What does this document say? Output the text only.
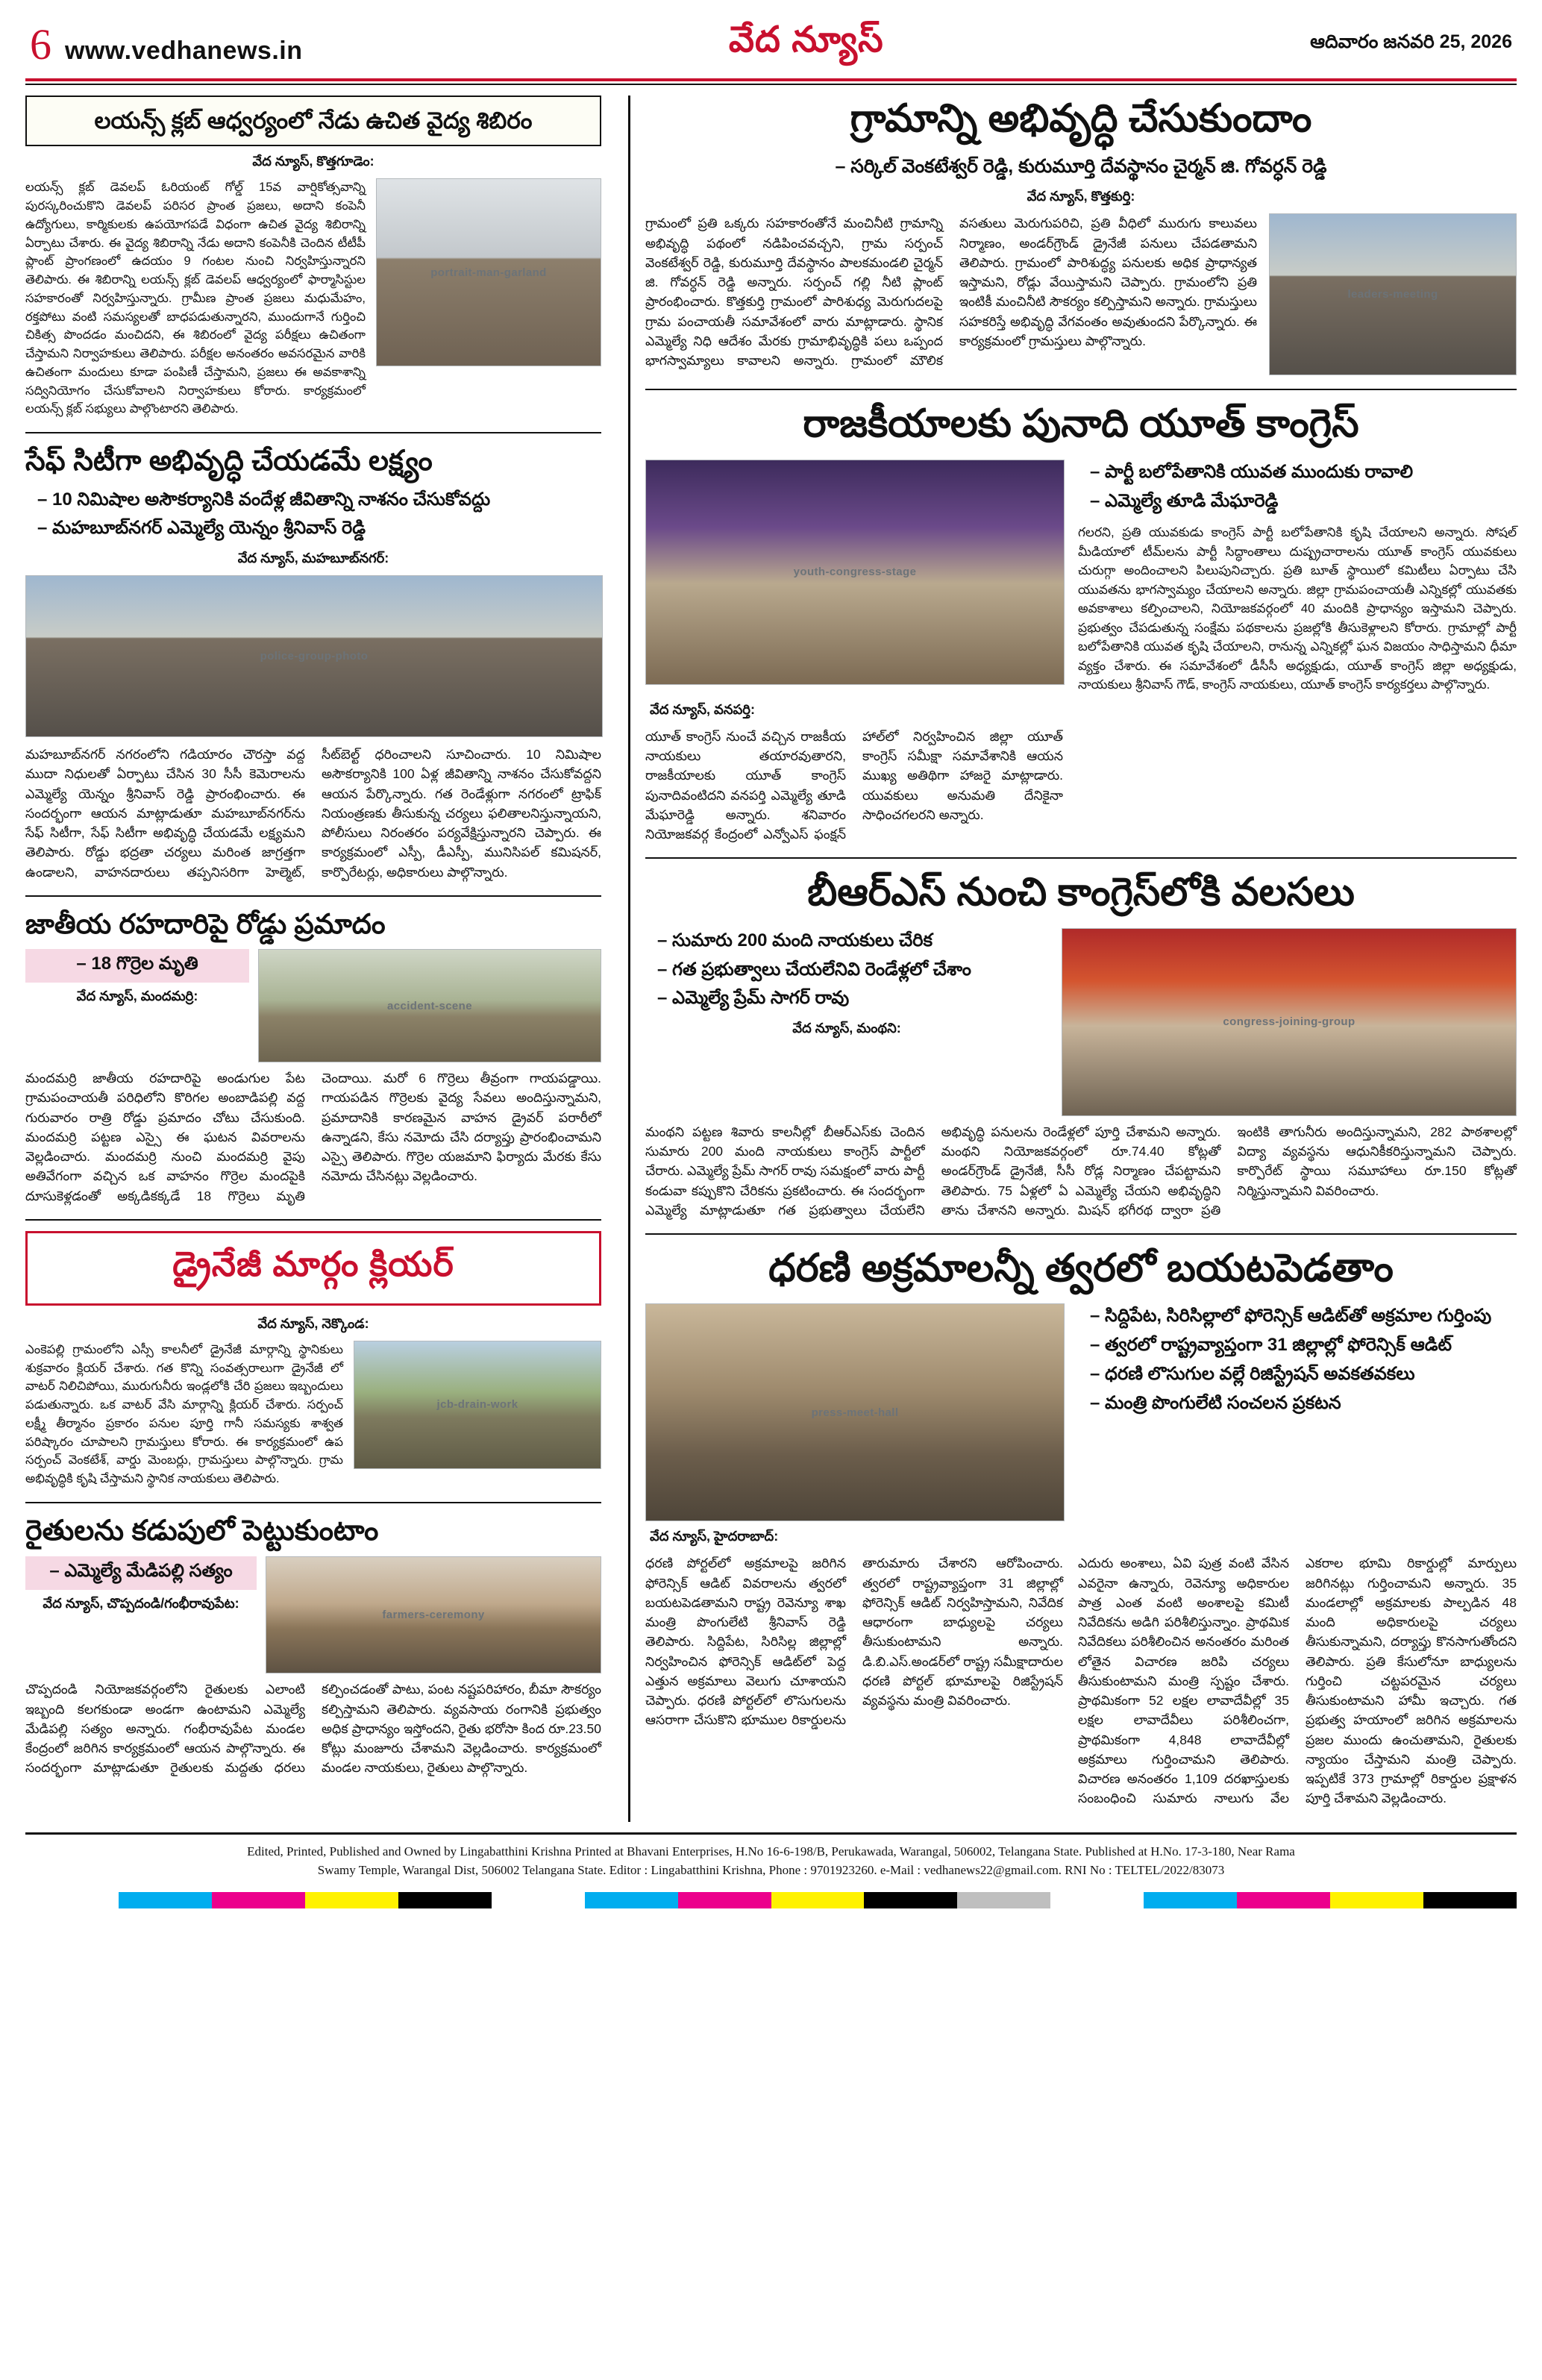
6 www.vedhanews.in	వేద న్యూస్	ఆదివారం జనవరి 25, 2026
లయన్స్ క్లబ్ ఆధ్వర్యంలో నేడు ఉచిత వైద్య శిబిరం
వేద న్యూస్, కొత్తగూడెం:
లయన్స్ క్లబ్ డెవలప్ ఓరియంట్ గోల్డ్ 15వ వార్షికోత్సవాన్ని పురస్కరించుకొని డెవలప్ పరిసర ప్రాంత ప్రజలు, అదాని కంపెనీ ఉద్యోగులు, కార్మికులకు ఉపయోగపడే విధంగా ఉచిత వైద్య శిబిరాన్ని ఏర్పాటు చేశారు. ఈ వైద్య శిబిరాన్ని నేడు అదాని కంపెనీకి చెందిన టీటీపీ ప్లాంట్ ప్రాంగణంలో ఉదయం 9 గంటల నుంచి నిర్వహిస్తున్నారని తెలిపారు. ఈ శిబిరాన్ని లయన్స్ క్లబ్ డెవలప్ ఆధ్వర్యంలో ఫార్మాసిస్టుల సహకారంతో నిర్వహిస్తున్నారు. గ్రామీణ ప్రాంత ప్రజలు మధుమేహం, రక్తపోటు వంటి సమస్యలతో బాధపడుతున్నారని, ముందుగానే గుర్తించి చికిత్స పొందడం మంచిదని, ఈ శిబిరంలో వైద్య పరీక్షలు ఉచితంగా చేస్తామని నిర్వాహకులు తెలిపారు. పరీక్షల అనంతరం అవసరమైన వారికి ఉచితంగా మందులు కూడా పంపిణీ చేస్తామని, ప్రజలు ఈ అవకాశాన్ని సద్వినియోగం చేసుకోవాలని నిర్వాహకులు కోరారు. కార్యక్రమంలో లయన్స్ క్లబ్ సభ్యులు పాల్గొంటారని తెలిపారు.
portrait-man-garland
సేఫ్ సిటీగా అభివృద్ధి చేయడమే లక్ష్యం
– 10 నిమిషాల అసౌకర్యానికి వందేళ్ల జీవితాన్ని నాశనం చేసుకోవద్దు
– మహబూబ్‌నగర్ ఎమ్మెల్యే యెన్నం శ్రీనివాస్ రెడ్డి
వేద న్యూస్, మహబూబ్‌నగర్:
police-group-photo
మహబూబ్‌నగర్ నగరంలోని గడియారం చౌరస్తా వద్ద ముదా నిధులతో ఏర్పాటు చేసిన 30 సీసీ కెమెరాలను ఎమ్మెల్యే యెన్నం శ్రీనివాస్ రెడ్డి ప్రారంభించారు. ఈ సందర్భంగా ఆయన మాట్లాడుతూ మహబూబ్‌నగర్‌ను సేఫ్ సిటీగా, సేఫ్ సిటీగా అభివృద్ధి చేయడమే లక్ష్యమని తెలిపారు. రోడ్డు భద్రతా చర్యలు మరింత జాగ్రత్తగా ఉండాలని, వాహనదారులు తప్పనిసరిగా హెల్మెట్, సీట్‌బెల్ట్ ధరించాలని సూచించారు. 10 నిమిషాల అసౌకర్యానికి 100 ఏళ్ల జీవితాన్ని నాశనం చేసుకోవద్దని ఆయన పేర్కొన్నారు. గత రెండేళ్లుగా నగరంలో ట్రాఫిక్ నియంత్రణకు తీసుకున్న చర్యలు ఫలితాలనిస్తున్నాయని, పోలీసులు నిరంతరం పర్యవేక్షిస్తున్నారని చెప్పారు. ఈ కార్యక్రమంలో ఎస్పీ, డీఎస్పీ, మునిసిపల్ కమిషనర్, కార్పొరేటర్లు, అధికారులు పాల్గొన్నారు.
జాతీయ రహదారిపై రోడ్డు ప్రమాదం
– 18 గొర్రెల మృతి
వేద న్యూస్, మందమర్రి:
accident-scene
మందమర్రి జాతీయ రహదారిపై అండుగుల పేట గ్రామపంచాయతీ పరిధిలోని కొరిగల అంబాడిపల్లి వద్ద గురువారం రాత్రి రోడ్డు ప్రమాదం చోటు చేసుకుంది. మందమర్రి పట్టణ ఎస్సై ఈ ఘటన వివరాలను వెల్లడించారు. మందమర్రి నుంచి మందమర్రి వైపు అతివేగంగా వచ్చిన ఒక వాహనం గొర్రెల మందపైకి దూసుకెళ్లడంతో అక్కడికక్కడే 18 గొర్రెలు మృతి చెందాయి. మరో 6 గొర్రెలు తీవ్రంగా గాయపడ్డాయి. గాయపడిన గొర్రెలకు వైద్య సేవలు అందిస్తున్నామని, ప్రమాదానికి కారణమైన వాహన డ్రైవర్ పరారీలో ఉన్నాడని, కేసు నమోదు చేసి దర్యాప్తు ప్రారంభించామని ఎస్సై తెలిపారు. గొర్రెల యజమాని ఫిర్యాదు మేరకు కేసు నమోదు చేసినట్లు వెల్లడించారు.
డ్రైనేజీ మార్గం క్లియర్
వేద న్యూస్, నెక్కొండ:
ఎంకెపల్లి గ్రామంలోని ఎస్సీ కాలనీలో డ్రైనేజీ మార్గాన్ని స్థానికులు శుక్రవారం క్లియర్ చేశారు. గత కొన్ని సంవత్సరాలుగా డ్రైనేజీ లో వాటర్ నిలిచిపోయి, మురుగునీరు ఇండ్లలోకి చేరి ప్రజలు ఇబ్బందులు పడుతున్నారు. ఒక వాటర్ వేసి మార్గాన్ని క్లియర్ చేశారు. సర్పంచ్ లక్ష్మీ తీర్మానం ప్రకారం పనుల పూర్తి గానీ సమస్యకు శాశ్వత పరిష్కారం చూపాలని గ్రామస్తులు కోరారు. ఈ కార్యక్రమంలో ఉప సర్పంచ్ వెంకటేశ్, వార్డు మెంబర్లు, గ్రామస్తులు పాల్గొన్నారు. గ్రామ అభివృద్ధికి కృషి చేస్తామని స్థానిక నాయకులు తెలిపారు.
jcb-drain-work
రైతులను కడుపులో పెట్టుకుంటాం
– ఎమ్మెల్యే మేడిపల్లి సత్యం
వేద న్యూస్, చొప్పదండి/గంభీరావుపేట:
farmers-ceremony
చొప్పదండి నియోజకవర్గంలోని రైతులకు ఎలాంటి ఇబ్బంది కలగకుండా అండగా ఉంటామని ఎమ్మెల్యే మేడిపల్లి సత్యం అన్నారు. గంభీరావుపేట మండల కేంద్రంలో జరిగిన కార్యక్రమంలో ఆయన పాల్గొన్నారు. ఈ సందర్భంగా మాట్లాడుతూ రైతులకు మద్దతు ధరలు కల్పించడంతో పాటు, పంట నష్టపరిహారం, బీమా సౌకర్యం కల్పిస్తామని తెలిపారు. వ్యవసాయ రంగానికి ప్రభుత్వం అధిక ప్రాధాన్యం ఇస్తోందని, రైతు భరోసా కింద రూ.23.50 కోట్లు మంజూరు చేశామని వెల్లడించారు. కార్యక్రమంలో మండల నాయకులు, రైతులు పాల్గొన్నారు.
గ్రామాన్ని అభివృద్ధి చేసుకుందాం
– సర్కిల్ వెంకటేశ్వర్ రెడ్డి, కురుమూర్తి దేవస్థానం చైర్మన్ జి. గోవర్ధన్ రెడ్డి
వేద న్యూస్, కొత్తకుర్తి:
గ్రామంలో ప్రతి ఒక్కరు సహకారంతోనే మంచినీటి గ్రామాన్ని అభివృద్ధి పథంలో నడిపించవచ్చని, గ్రామ సర్పంచ్ వెంకటేశ్వర్ రెడ్డి, కురుమూర్తి దేవస్థానం పాలకమండలి చైర్మన్ జి. గోవర్ధన్ రెడ్డి అన్నారు. సర్పంచ్ గల్లి నీటి ప్లాంట్ ప్రారంభించారు. కొత్తకుర్తి గ్రామంలో పారిశుధ్య మెరుగుదలపై గ్రామ పంచాయతీ సమావేశంలో వారు మాట్లాడారు. స్థానిక ఎమ్మెల్యే నిధి ఆదేశం మేరకు గ్రామాభివృద్ధికి పలు ఒప్పంద భాగస్వామ్యాలు కావాలని అన్నారు. గ్రామంలో మౌలిక వసతులు మెరుగుపరిచి, ప్రతి వీధిలో మురుగు కాలువలు నిర్మాణం, అండర్‌గ్రౌండ్ డ్రైనేజీ పనులు చేపడతామని తెలిపారు. గ్రామంలో పారిశుద్ధ్య పనులకు అధిక ప్రాధాన్యత ఇస్తామని, రోడ్లు వేయిస్తామని చెప్పారు. గ్రామంలోని ప్రతి ఇంటికీ మంచినీటి సౌకర్యం కల్పిస్తామని అన్నారు. గ్రామస్తులు సహకరిస్తే అభివృద్ధి వేగవంతం అవుతుందని పేర్కొన్నారు. ఈ కార్యక్రమంలో గ్రామస్తులు పాల్గొన్నారు.
leaders-meeting
రాజకీయాలకు పునాది యూత్ కాంగ్రెస్
youth-congress-stage
– పార్టీ బలోపేతానికి యువత ముందుకు రావాలి
– ఎమ్మెల్యే తూడి మేఘారెడ్డి
గలరని, ప్రతి యువకుడు కాంగ్రెస్ పార్టీ బలోపేతానికి కృషి చేయాలని అన్నారు. సోషల్ మీడియాలో టీమ్‌లను పార్టీ సిద్ధాంతాలు దుష్ప్రచారాలను యూత్ కాంగ్రెస్ యువకులు చురుగ్గా అందించాలని పిలుపునిచ్చారు. ప్రతి బూత్ స్థాయిలో కమిటీలు ఏర్పాటు చేసి యువతను భాగస్వామ్యం చేయాలని అన్నారు. జిల్లా గ్రామపంచాయతీ ఎన్నికల్లో యువతకు అవకాశాలు కల్పించాలని, నియోజకవర్గంలో 40 మందికి ప్రాధాన్యం ఇస్తామని చెప్పారు. ప్రభుత్వం చేపడుతున్న సంక్షేమ పథకాలను ప్రజల్లోకి తీసుకెళ్లాలని కోరారు. గ్రామాల్లో పార్టీ బలోపేతానికి యువత కృషి చేయాలని, రానున్న ఎన్నికల్లో ఘన విజయం సాధిస్తామని ధీమా వ్యక్తం చేశారు. ఈ సమావేశంలో డీసీసీ అధ్యక్షుడు, యూత్ కాంగ్రెస్ జిల్లా అధ్యక్షుడు, నాయకులు శ్రీనివాస్ గౌడ్, కాంగ్రెస్ నాయకులు, యూత్ కాంగ్రెస్ కార్యకర్తలు పాల్గొన్నారు.
వేద న్యూస్, వనపర్తి:
యూత్ కాంగ్రెస్ నుంచే వచ్చిన రాజకీయ నాయకులు తయారవుతారని, రాజకీయాలకు యూత్ కాంగ్రెస్ పునాదివంటిదని వనపర్తి ఎమ్మెల్యే తూడి మేఘారెడ్డి అన్నారు. శనివారం నియోజకవర్గ కేంద్రంలో ఎన్వోఎస్ ఫంక్షన్ హాల్‌లో నిర్వహించిన జిల్లా యూత్ కాంగ్రెస్ సమీక్షా సమావేశానికి ఆయన ముఖ్య అతిథిగా హాజరై మాట్లాడారు. యువకులు అనుమతి దేనికైనా సాధించగలరని అన్నారు.
బీఆర్ఎస్ నుంచి కాంగ్రెస్‌లోకి వలసలు
– సుమారు 200 మంది నాయకులు చేరిక
– గత ప్రభుత్వాలు చేయలేనివి రెండేళ్లలో చేశాం
– ఎమ్మెల్యే ప్రేమ్ సాగర్ రావు
వేద న్యూస్, మంథని:	congress-joining-group
మంథని పట్టణ శివారు కాలనీల్లో బీఆర్ఎస్‌కు చెందిన సుమారు 200 మంది నాయకులు కాంగ్రెస్ పార్టీలో చేరారు. ఎమ్మెల్యే ప్రేమ్ సాగర్ రావు సమక్షంలో వారు పార్టీ కండువా కప్పుకొని చేరికను ప్రకటించారు. ఈ సందర్భంగా ఎమ్మెల్యే మాట్లాడుతూ గత ప్రభుత్వాలు చేయలేని అభివృద్ధి పనులను రెండేళ్లలో పూర్తి చేశామని అన్నారు. మంథని నియోజకవర్గంలో రూ.74.40 కోట్లతో అండర్‌గ్రౌండ్ డ్రైనేజీ, సీసీ రోడ్ల నిర్మాణం చేపట్టామని తెలిపారు. 75 ఏళ్లలో ఏ ఎమ్మెల్యే చేయని అభివృద్ధిని తాను చేశానని అన్నారు. మిషన్ భగీరథ ద్వారా ప్రతి ఇంటికి తాగునీరు అందిస్తున్నామని, 282 పాఠశాలల్లో విద్యా వ్యవస్థను ఆధునికీకరిస్తున్నామని చెప్పారు. కార్పొరేట్ స్థాయి సమూహాలు రూ.150 కోట్లతో నిర్మిస్తున్నామని వివరించారు.
ధరణి అక్రమాలన్నీ త్వరలో బయటపెడతాం
press-meet-hall
– సిద్దిపేట, సిరిసిల్లాలో ఫోరెన్సిక్ ఆడిట్‌తో అక్రమాల గుర్తింపు
– త్వరలో రాష్ట్రవ్యాప్తంగా 31 జిల్లాల్లో ఫోరెన్సిక్ ఆడిట్
– ధరణి లొసుగుల వల్లే రిజిస్ట్రేషన్ అవకతవకలు
– మంత్రి పొంగులేటి సంచలన ప్రకటన
వేద న్యూస్, హైదరాబాద్:
ధరణి పోర్టల్‌లో అక్రమాలపై జరిగిన ఫోరెన్సిక్ ఆడిట్ వివరాలను త్వరలో బయటపెడతామని రాష్ట్ర రెవెన్యూ శాఖ మంత్రి పొంగులేటి శ్రీనివాస్ రెడ్డి తెలిపారు. సిద్దిపేట, సిరిసిల్ల జిల్లాల్లో నిర్వహించిన ఫోరెన్సిక్ ఆడిట్‌లో పెద్ద ఎత్తున అక్రమాలు వెలుగు చూశాయని చెప్పారు. ధరణి పోర్టల్‌లో లొసుగులను ఆసరాగా చేసుకొని భూముల రికార్డులను తారుమారు చేశారని ఆరోపించారు. త్వరలో రాష్ట్రవ్యాప్తంగా 31 జిల్లాల్లో ఫోరెన్సిక్ ఆడిట్ నిర్వహిస్తామని, నివేదిక ఆధారంగా బాధ్యులపై చర్యలు తీసుకుంటామని అన్నారు. డి.బి.ఎస్.అండర్‌లో రాష్ట్ర సమీక్షాదారుల ధరణి పోర్టల్ భూమాలపై రిజిస్ట్రేషన్ వ్యవస్థను మంత్రి వివరించారు.
ఎదురు అంశాలు, ఏవి పుత్ర వంటి వేసిన ఎవరైనా ఉన్నారు, రెవెన్యూ అధికారుల పాత్ర ఎంత వంటి అంశాలపై కమిటీ నివేదికను అడిగి పరిశీలిస్తున్నాం. ప్రాథమిక నివేదికలు పరిశీలించిన అనంతరం మరింత లోతైన విచారణ జరిపి చర్యలు తీసుకుంటామని మంత్రి స్పష్టం చేశారు. ప్రాథమికంగా 52 లక్షల లావాదేవీల్లో 35 లక్షల లావాదేవీలు పరిశీలించగా, ప్రాథమికంగా 4,848 లావాదేవీల్లో అక్రమాలు గుర్తించామని తెలిపారు. విచారణ అనంతరం 1,109 దరఖాస్తులకు సంబంధించి సుమారు నాలుగు వేల ఎకరాల భూమి రికార్డుల్లో మార్పులు జరిగినట్లు గుర్తించామని అన్నారు. 35 మండలాల్లో అక్రమాలకు పాల్పడిన 48 మంది అధికారులపై చర్యలు తీసుకున్నామని, దర్యాప్తు కొనసాగుతోందని తెలిపారు. ప్రతి కేసులోనూ బాధ్యులను గుర్తించి చట్టపరమైన చర్యలు తీసుకుంటామని హామీ ఇచ్చారు. గత ప్రభుత్వ హయాంలో జరిగిన అక్రమాలను ప్రజల ముందు ఉంచుతామని, రైతులకు న్యాయం చేస్తామని మంత్రి చెప్పారు. ఇప్పటికే 373 గ్రామాల్లో రికార్డుల ప్రక్షాళన పూర్తి చేశామని వెల్లడించారు.
Edited, Printed, Published and Owned by Lingabatthini Krishna Printed at Bhavani Enterprises, H.No 16-6-198/B, Perukawada, Warangal, 506002, Telangana State. Published at H.No. 17-3-180, Near Rama
Swamy Temple, Warangal Dist, 506002 Telangana State. Editor : Lingabatthini Krishna, Phone : 9701923260. e-Mail : vedhanews22@gmail.com. RNI No : TELTEL/2022/83073
